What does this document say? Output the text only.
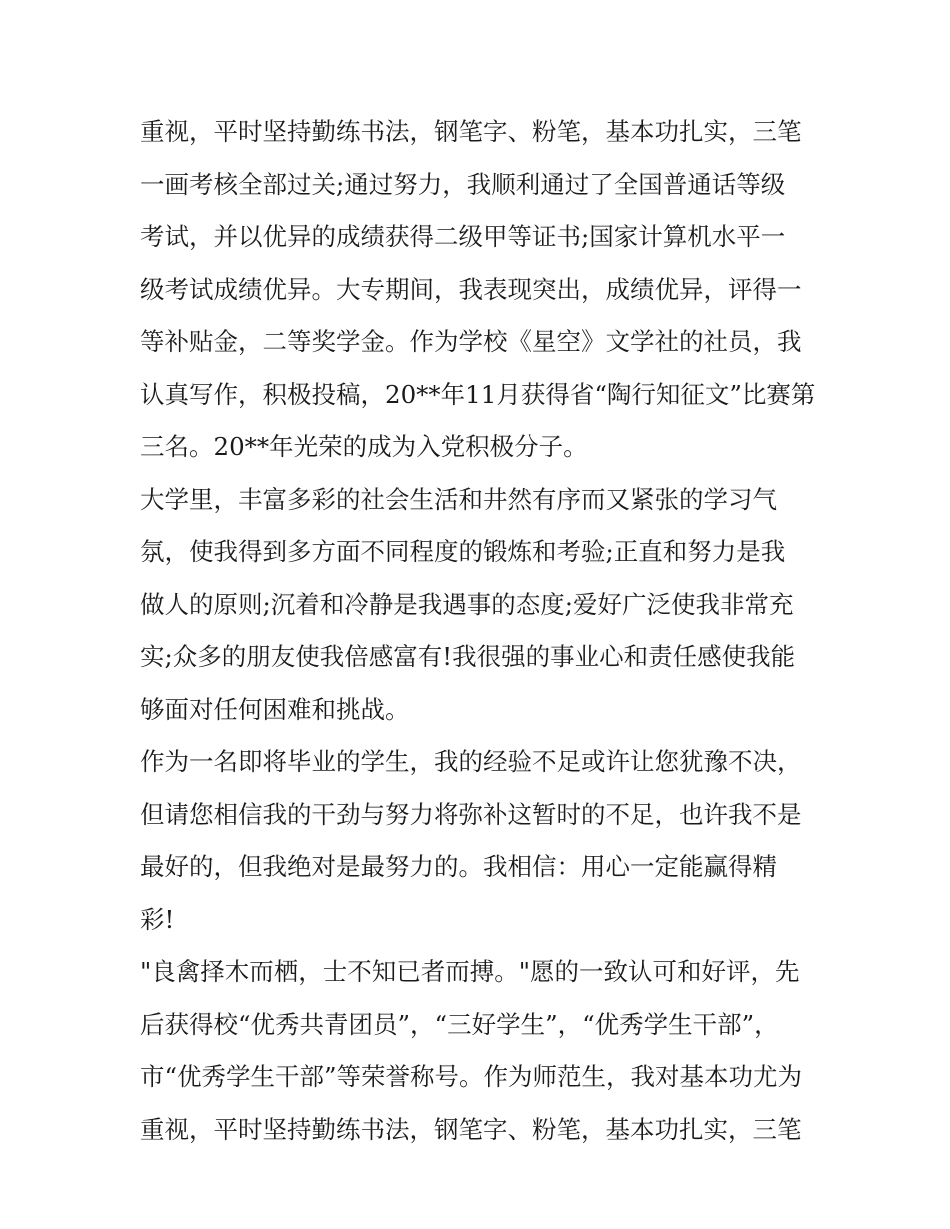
重视，平时坚持勤练书法，钢笔字、粉笔，基本功扎实，三笔
一画考核全部过关;通过努力，我顺利通过了全国普通话等级
考试，并以优异的成绩获得二级甲等证书;国家计算机水平一
级考试成绩优异。大专期间，我表现突出，成绩优异，评得一
等补贴金，二等奖学金。作为学校《星空》文学社的社员，我
认真写作，积极投稿，20**年11月获得省“陶行知征文”比赛第
三名。20**年光荣的成为入党积极分子。
大学里，丰富多彩的社会生活和井然有序而又紧张的学习气
氛，使我得到多方面不同程度的锻炼和考验;正直和努力是我
做人的原则;沉着和冷静是我遇事的态度;爱好广泛使我非常充
实;众多的朋友使我倍感富有!我很强的事业心和责任感使我能
够面对任何困难和挑战。
作为一名即将毕业的学生，我的经验不足或许让您犹豫不决，
但请您相信我的干劲与努力将弥补这暂时的不足，也许我不是
最好的，但我绝对是最努力的。我相信：用心一定能赢得精
彩!
"良禽择木而栖，士不知已者而搏。"愿的一致认可和好评，先
后获得校“优秀共青团员”，“三好学生”，“优秀学生干部”，
市“优秀学生干部”等荣誉称号。作为师范生，我对基本功尤为
重视，平时坚持勤练书法，钢笔字、粉笔，基本功扎实，三笔
